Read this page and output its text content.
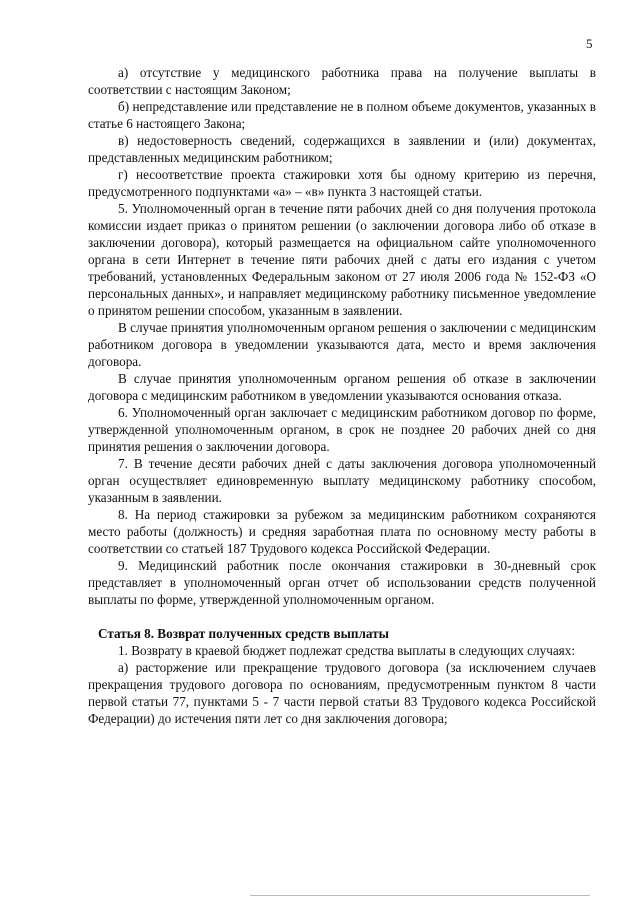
5

а) отсутствие у медицинского работника права на получение выплаты в соответствии с настоящим Законом;

б) непредставление или представление не в полном объеме документов, указанных в статье 6 настоящего Закона;

в) недостоверность сведений, содержащихся в заявлении и (или) документах, представленных медицинским работником;

г) несоответствие проекта стажировки хотя бы одному критерию из перечня, предусмотренного подпунктами «а» – «в» пункта 3 настоящей статьи.

5. Уполномоченный орган в течение пяти рабочих дней со дня получения протокола комиссии издает приказ о принятом решении (о заключении договора либо об отказе в заключении договора), который размещается на официальном сайте уполномоченного органа в сети Интернет в течение пяти рабочих дней с даты его издания с учетом требований, установленных Федеральным законом от 27 июля 2006 года № 152-ФЗ «О персональных данных», и направляет медицинскому работнику письменное уведомление о принятом решении способом, указанным в заявлении.

В случае принятия уполномоченным органом решения о заключении с медицинским работником договора в уведомлении указываются дата, место и время заключения договора.

В случае принятия уполномоченным органом решения об отказе в заключении договора с медицинским работником в уведомлении указываются основания отказа.

6. Уполномоченный орган заключает с медицинским работником договор по форме, утвержденной уполномоченным органом, в срок не позднее 20 рабочих дней со дня принятия решения о заключении договора.

7. В течение десяти рабочих дней с даты заключения договора уполномоченный орган осуществляет единовременную выплату медицинскому работнику способом, указанным в заявлении.

8. На период стажировки за рубежом за медицинским работником сохраняются место работы (должность) и средняя заработная плата по основному месту работы в соответствии со статьей 187 Трудового кодекса Российской Федерации.

9. Медицинский работник после окончания стажировки в 30-дневный срок представляет в уполномоченный орган отчет об использовании средств полученной выплаты по форме, утвержденной уполномоченным органом.

Статья 8. Возврат полученных средств выплаты

1. Возврату в краевой бюджет подлежат средства выплаты в следующих случаях:

а) расторжение или прекращение трудового договора (за исключением случаев прекращения трудового договора по основаниям, предусмотренным пунктом 8 части первой статьи 77, пунктами 5 - 7 части первой статьи 83 Трудового кодекса Российской Федерации) до истечения пяти лет со дня заключения договора;
